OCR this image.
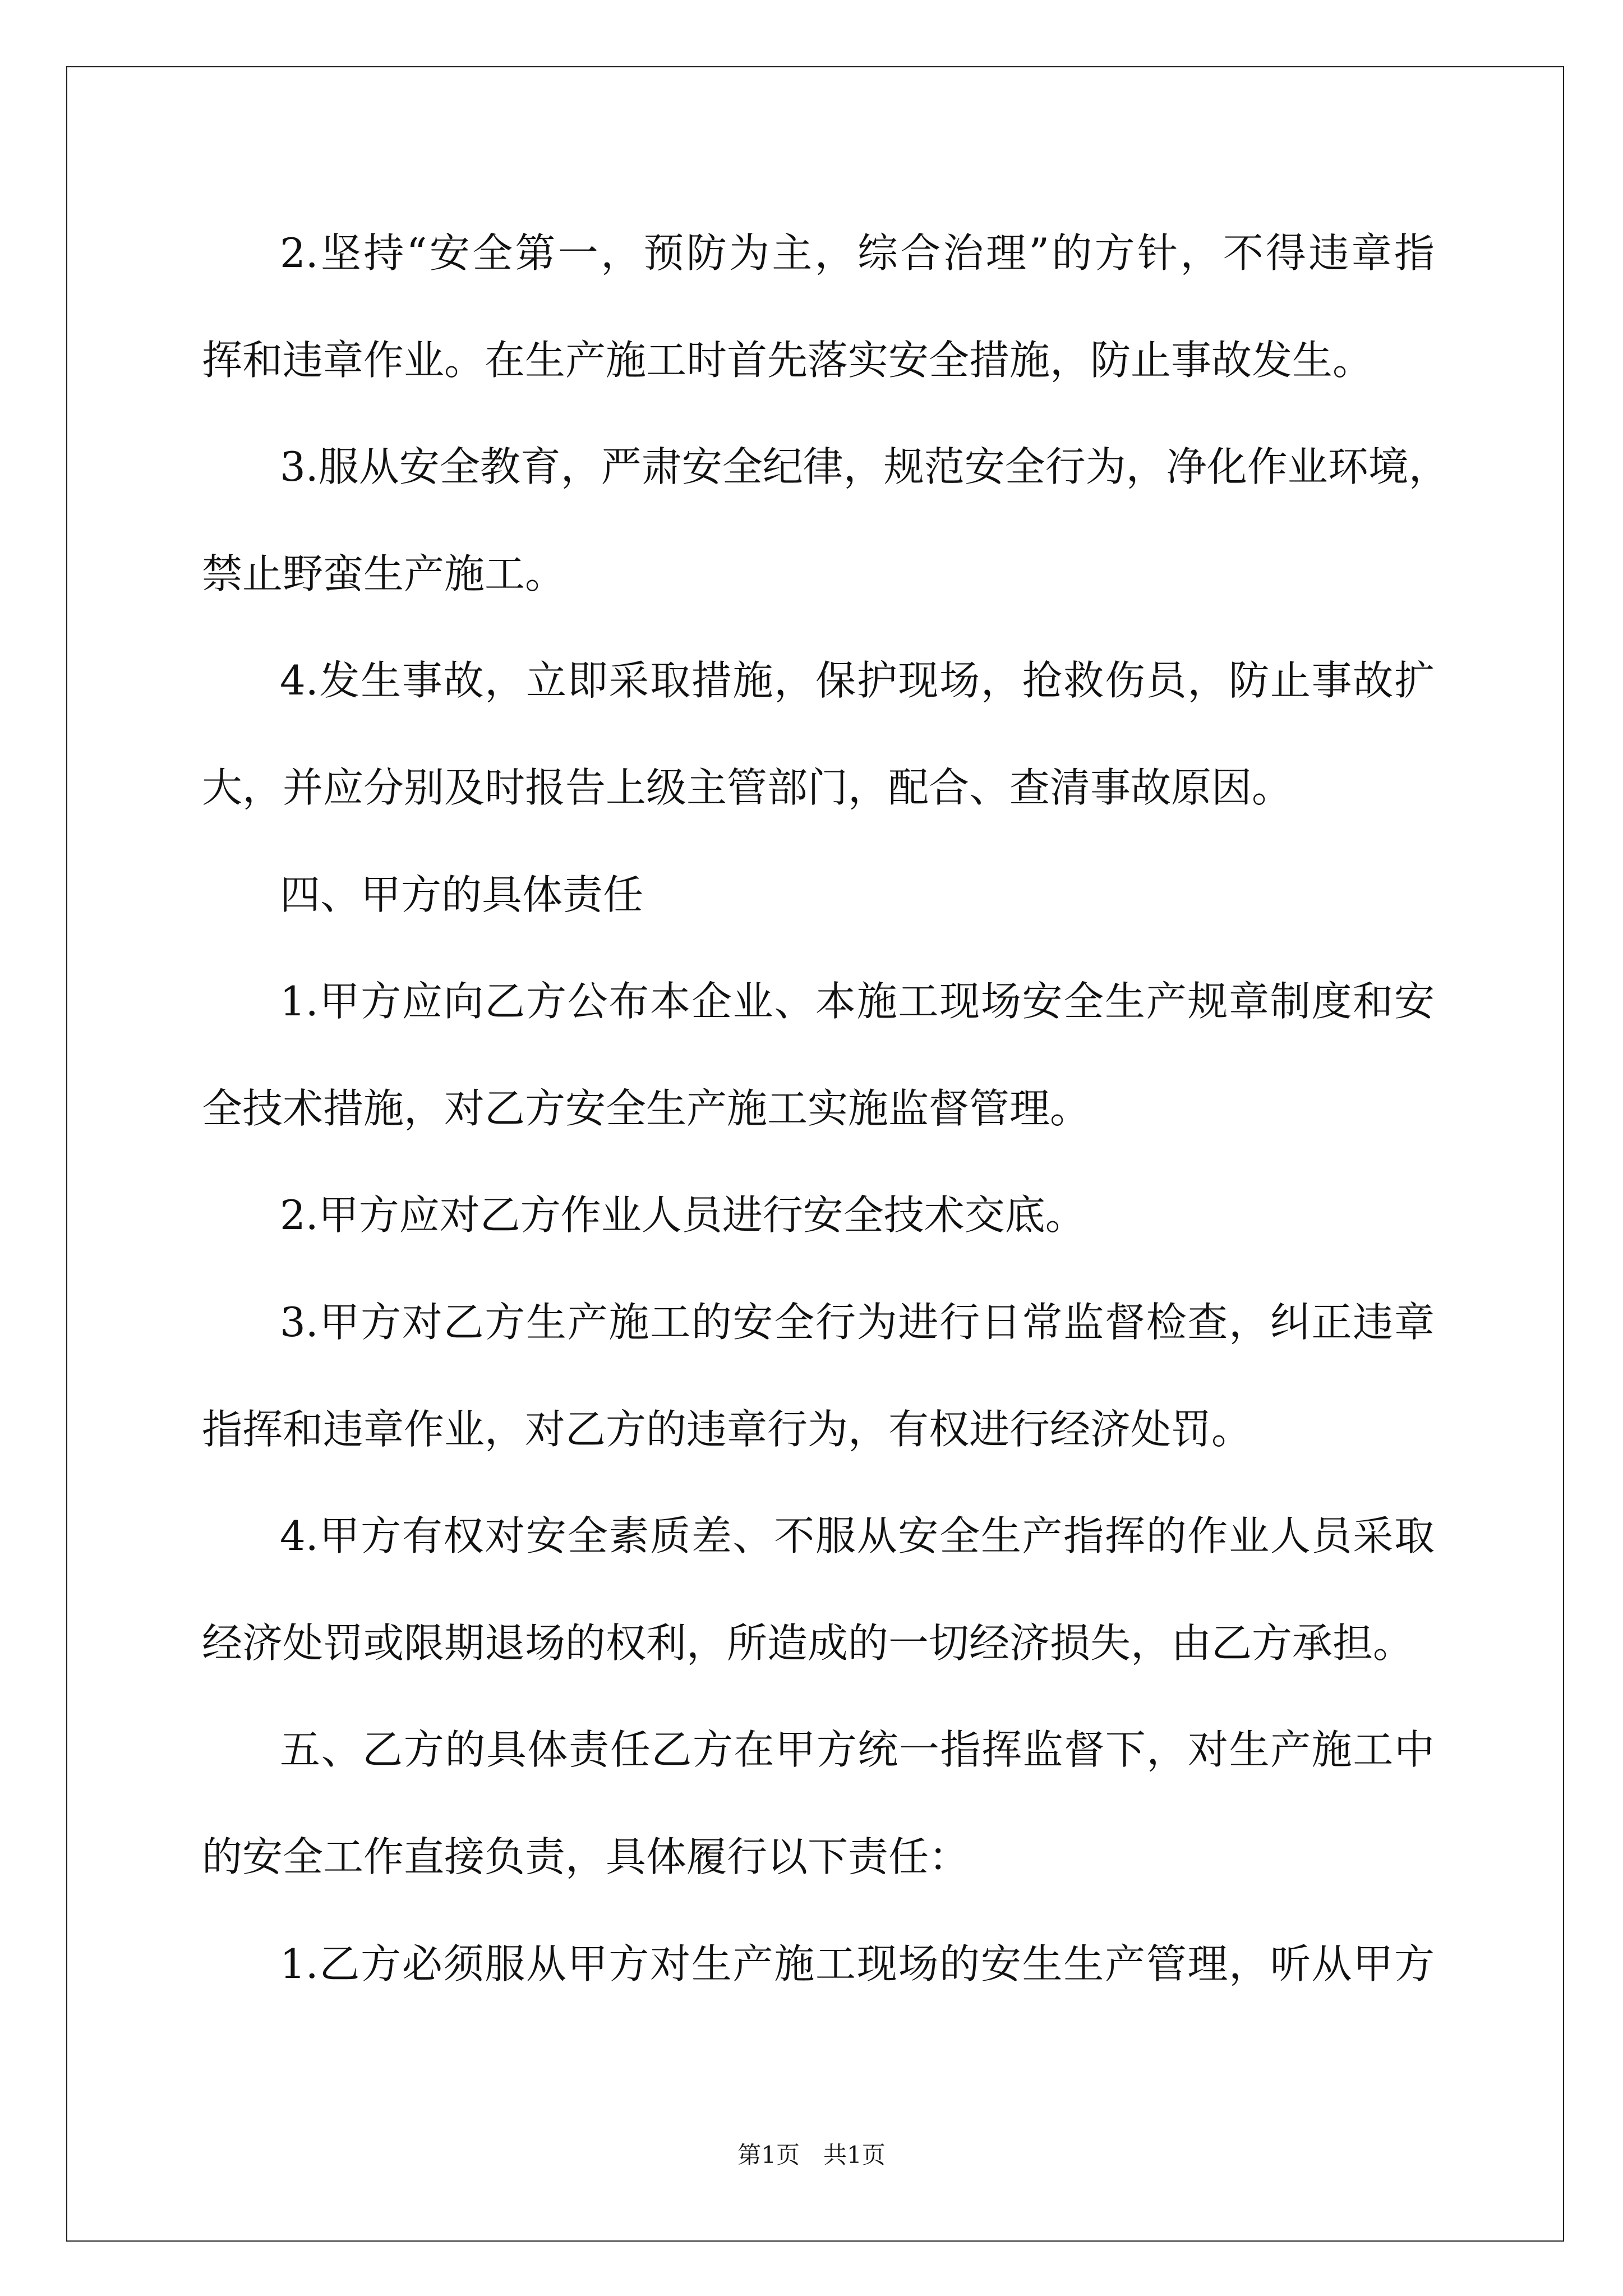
2.坚持“安全第一，预防为主，综合治理”的方针，不得违章指
挥和违章作业。在生产施工时首先落实安全措施，防止事故发生。
3.服从安全教育，严肃安全纪律，规范安全行为，净化作业环境，
禁止野蛮生产施工。
4.发生事故，立即采取措施，保护现场，抢救伤员，防止事故扩
大，并应分别及时报告上级主管部门，配合、查清事故原因。
四、甲方的具体责任
1.甲方应向乙方公布本企业、本施工现场安全生产规章制度和安
全技术措施，对乙方安全生产施工实施监督管理。
2.甲方应对乙方作业人员进行安全技术交底。
3.甲方对乙方生产施工的安全行为进行日常监督检查，纠正违章
指挥和违章作业，对乙方的违章行为，有权进行经济处罚。
4.甲方有权对安全素质差、不服从安全生产指挥的作业人员采取
经济处罚或限期退场的权利，所造成的一切经济损失，由乙方承担。
五、乙方的具体责任乙方在甲方统一指挥监督下，对生产施工中
的安全工作直接负责，具体履行以下责任：
1.乙方必须服从甲方对生产施工现场的安生生产管理，听从甲方
第1页 共1页
